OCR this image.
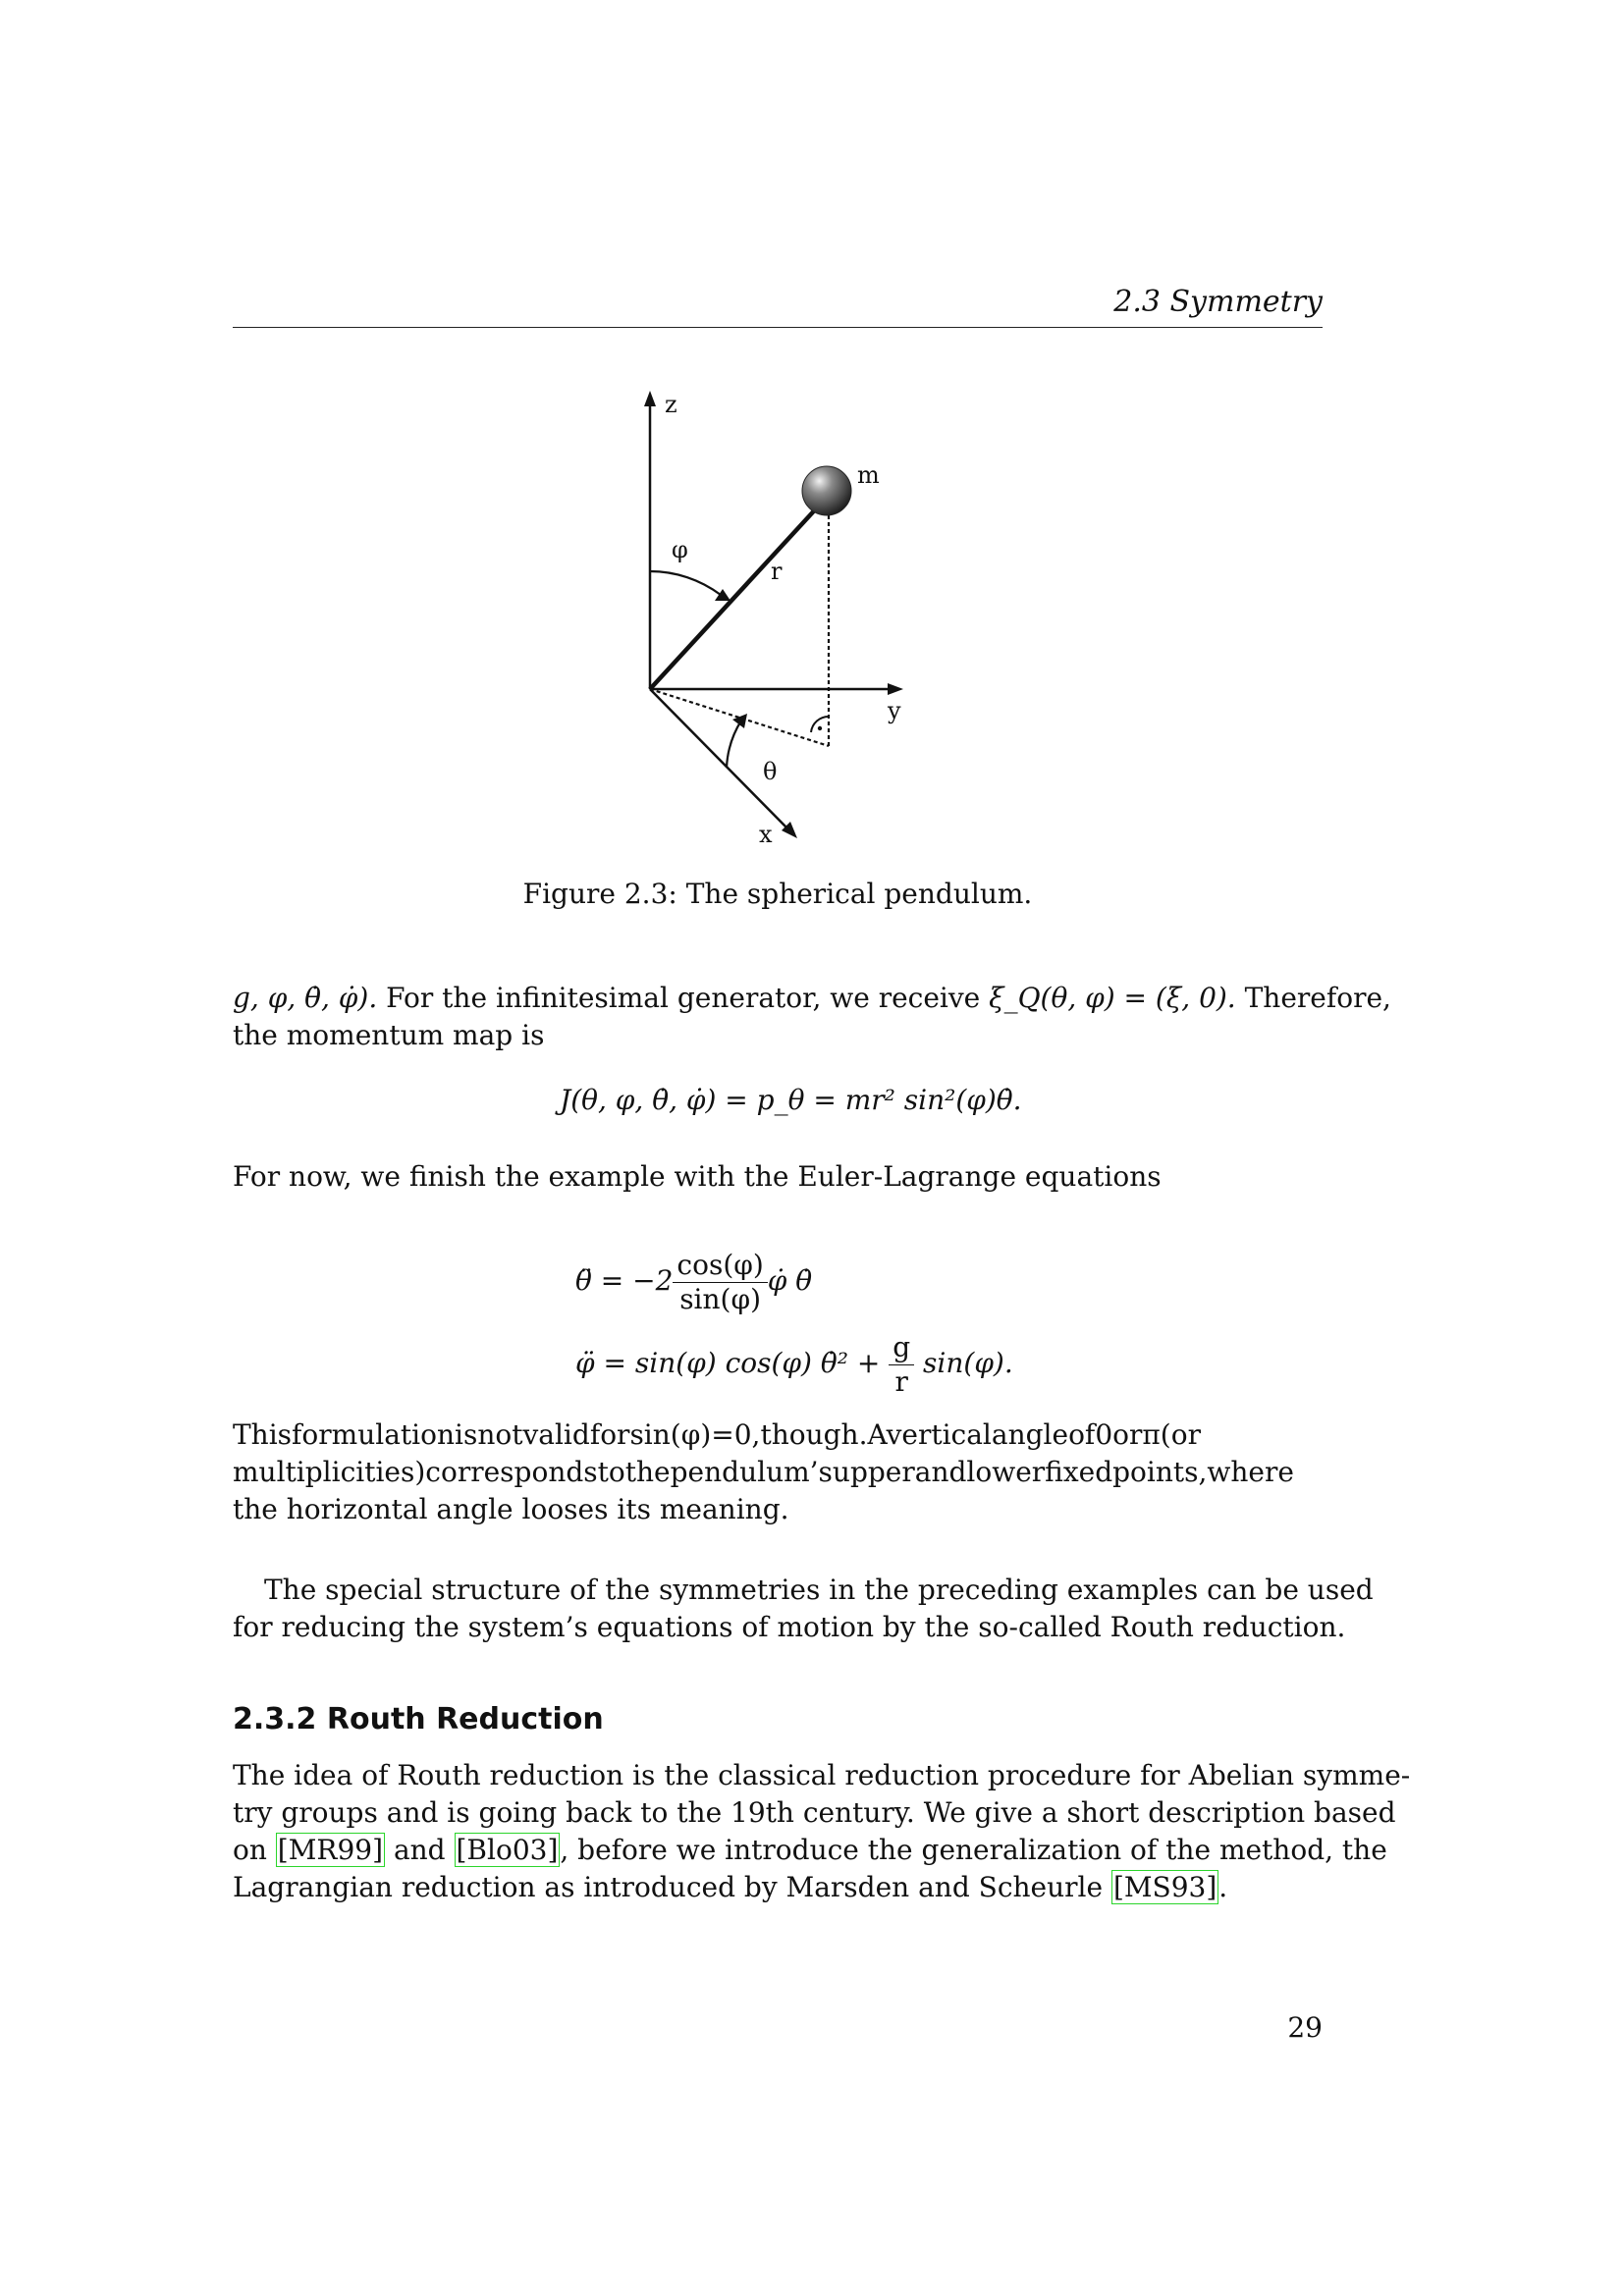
2.3 Symmetry
z
m
r
φ
y
θ
x
Figure 2.3: The spherical pendulum.
g, φ, θ̇, φ̇). For the infinitesimal generator, we receive ξ_Q(θ, φ) = (ξ, 0). Therefore,
the momentum map is
J(θ, φ, θ̇, φ̇) = p_θ = mr² sin²(φ)θ̇.
For now, we finish the example with the Euler-Lagrange equations
θ̈ = $-2 \frac{\cos(\varphi)}{\sin(\varphi)}$ φ̇ θ̇
φ̈ = sin(φ) cos(φ) θ̇² + $\frac{g}{r} \sin(\varphi)$.
Thisformulationisnotvalidforsin(φ)=0,though.Averticalangleof0orπ(or
multiplicities)correspondstothependulum’supperandlowerfixedpoints,where
the horizontal angle looses its meaning.
The special structure of the symmetries in the preceding examples can be used
for reducing the system’s equations of motion by the so-called Routh reduction.
2.3.2 Routh Reduction
The idea of Routh reduction is the classical reduction procedure for Abelian symme-
try groups and is going back to the 19th century. We give a short description based
on [MR99] and [Blo03], before we introduce the generalization of the method, the
Lagrangian reduction as introduced by Marsden and Scheurle [MS93].
29
